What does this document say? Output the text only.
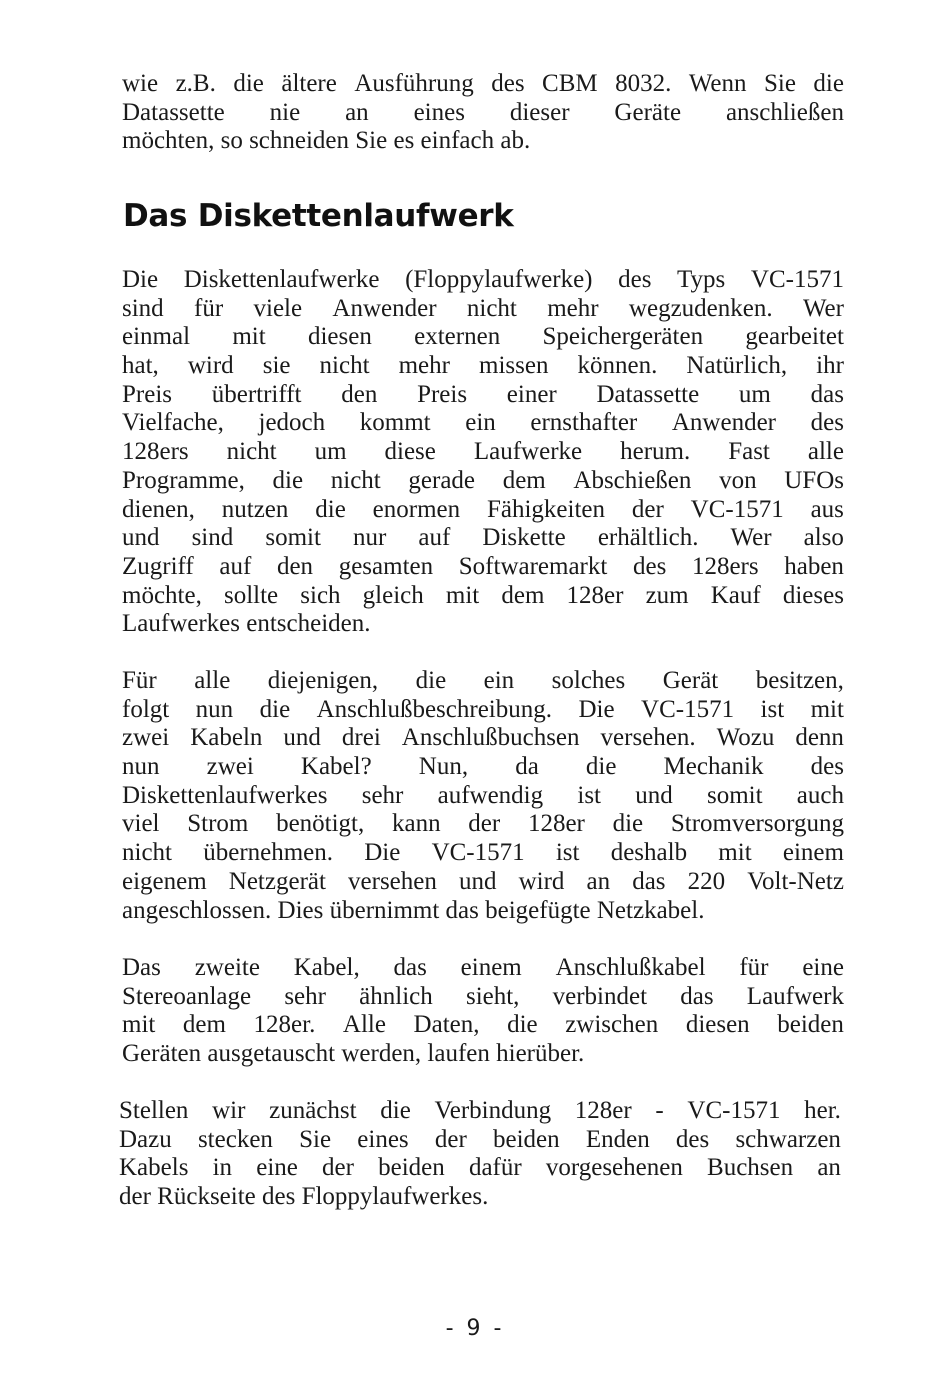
wie z.B. die ältere Ausführung des CBM 8032. Wenn Sie die
Datassette nie an eines dieser Geräte anschließen
möchten, so schneiden Sie es einfach ab.

Das Diskettenlaufwerk

Die Diskettenlaufwerke (Floppylaufwerke) des Typs VC-1571
sind für viele Anwender nicht mehr wegzudenken. Wer
einmal mit diesen externen Speichergeräten gearbeitet
hat, wird sie nicht mehr missen können. Natürlich, ihr
Preis übertrifft den Preis einer Datassette um das
Vielfache, jedoch kommt ein ernsthafter Anwender des
128ers nicht um diese Laufwerke herum. Fast alle
Programme, die nicht gerade dem Abschießen von UFOs
dienen, nutzen die enormen Fähigkeiten der VC-1571 aus
und sind somit nur auf Diskette erhältlich. Wer also
Zugriff auf den gesamten Softwaremarkt des 128ers haben
möchte, sollte sich gleich mit dem 128er zum Kauf dieses
Laufwerkes entscheiden.

Für alle diejenigen, die ein solches Gerät besitzen,
folgt nun die Anschlußbeschreibung. Die VC-1571 ist mit
zwei Kabeln und drei Anschlußbuchsen versehen. Wozu denn
nun zwei Kabel? Nun, da die Mechanik des
Diskettenlaufwerkes sehr aufwendig ist und somit auch
viel Strom benötigt, kann der 128er die Stromversorgung
nicht übernehmen. Die VC-1571 ist deshalb mit einem
eigenem Netzgerät versehen und wird an das 220 Volt-Netz
angeschlossen. Dies übernimmt das beigefügte Netzkabel.

Das zweite Kabel, das einem Anschlußkabel für eine
Stereoanlage sehr ähnlich sieht, verbindet das Laufwerk
mit dem 128er. Alle Daten, die zwischen diesen beiden
Geräten ausgetauscht werden, laufen hierüber.

Stellen wir zunächst die Verbindung 128er - VC-1571 her.
Dazu stecken Sie eines der beiden Enden des schwarzen
Kabels in eine der beiden dafür vorgesehenen Buchsen an
der Rückseite des Floppylaufwerkes.

- 9 -
